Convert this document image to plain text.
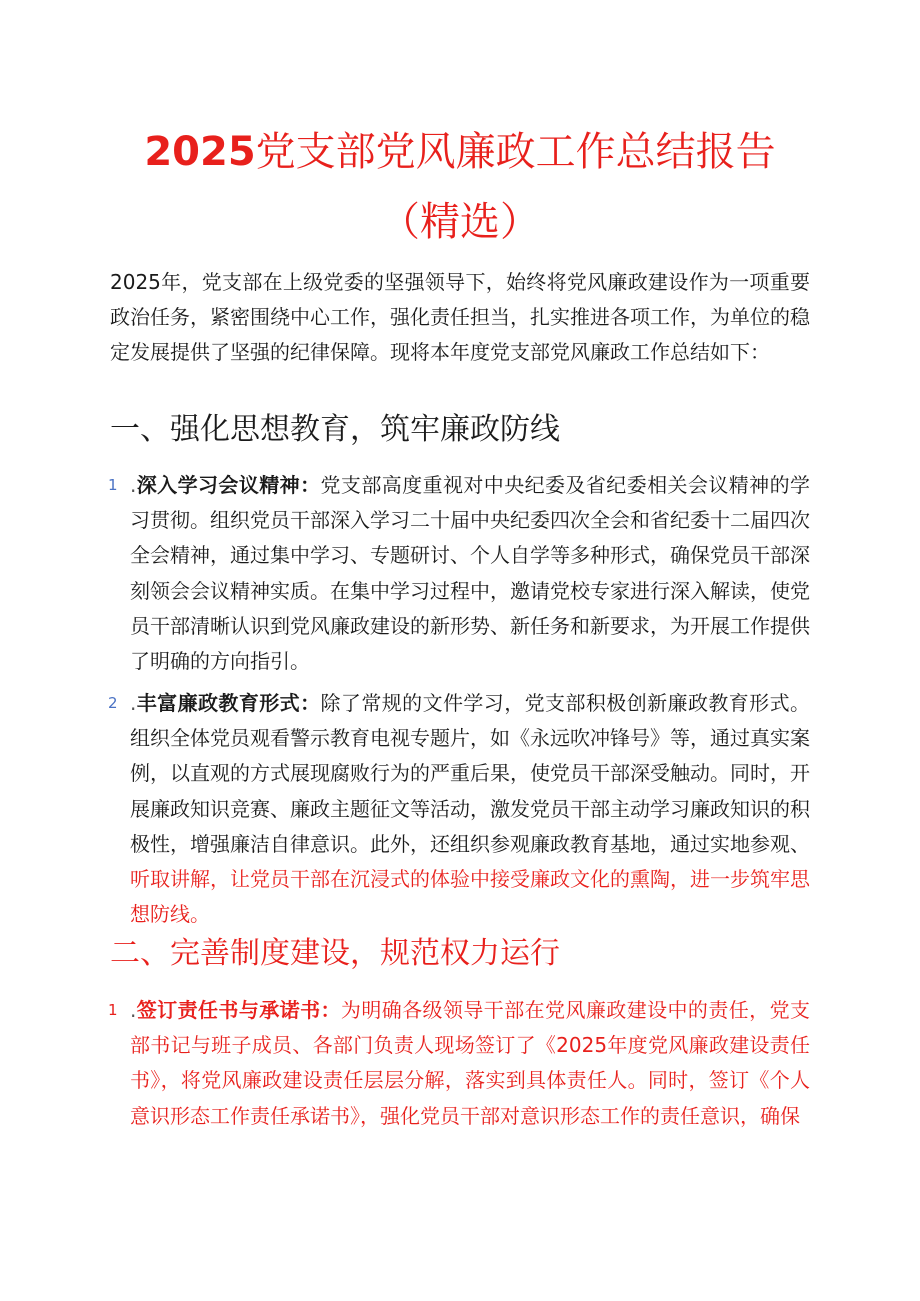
2025党支部党风廉政工作总结报告
（精选）
2025年，党支部在上级党委的坚强领导下，始终将党风廉政建设作为一项重要政治任务，紧密围绕中心工作，强化责任担当，扎实推进各项工作，为单位的稳定发展提供了坚强的纪律保障。现将本年度党支部党风廉政工作总结如下：
一、强化思想教育，筑牢廉政防线
1 .深入学习会议精神：党支部高度重视对中央纪委及省纪委相关会议精神的学习贯彻。组织党员干部深入学习二十届中央纪委四次全会和省纪委十二届四次全会精神，通过集中学习、专题研讨、个人自学等多种形式，确保党员干部深刻领会会议精神实质。在集中学习过程中，邀请党校专家进行深入解读，使党员干部清晰认识到党风廉政建设的新形势、新任务和新要求，为开展工作提供了明确的方向指引。
2 .丰富廉政教育形式：除了常规的文件学习，党支部积极创新廉政教育形式。组织全体党员观看警示教育电视专题片，如《永远吹冲锋号》等，通过真实案例，以直观的方式展现腐败行为的严重后果，使党员干部深受触动。同时，开展廉政知识竞赛、廉政主题征文等活动，激发党员干部主动学习廉政知识的积极性，增强廉洁自律意识。此外，还组织参观廉政教育基地，通过实地参观、听取讲解，让党员干部在沉浸式的体验中接受廉政文化的熏陶，进一步筑牢思想防线。
二、完善制度建设，规范权力运行
1 .签订责任书与承诺书：为明确各级领导干部在党风廉政建设中的责任，党支部书记与班子成员、各部门负责人现场签订了《2025年度党风廉政建设责任书》，将党风廉政建设责任层层分解，落实到具体责任人。同时，签订《个人意识形态工作责任承诺书》，强化党员干部对意识形态工作的责任意识，确保
